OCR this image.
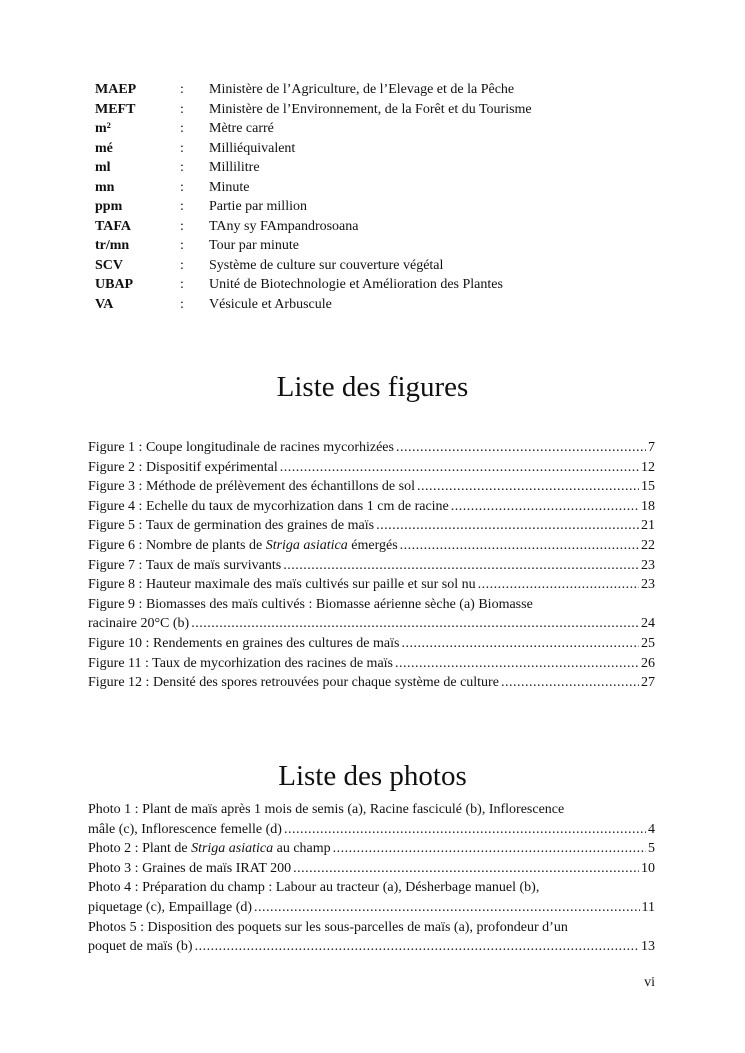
MAEP	:	Ministère de l’Agriculture, de l’Elevage et de la Pêche
MEFT	:	Ministère de l’Environnement, de la Forêt et du Tourisme
m²	:	Mètre carré
mé	:	Milliéquivalent
ml	:	Millilitre
mn	:	Minute
ppm	:	Partie par million
TAFA	:	TAny sy FAmpandrosoana
tr/mn	:	Tour par minute
SCV	:	Système de culture sur couverture végétal
UBAP	:	Unité de Biotechnologie et Amélioration des Plantes
VA	:	Vésicule et Arbuscule
Liste des figures
Figure 1 : Coupe longitudinale de racines mycorhizées .....	7
Figure 2 : Dispositif expérimental .....	12
Figure 3 : Méthode de prélèvement des échantillons de sol .....	15
Figure 4 : Echelle du taux de mycorhization dans 1 cm de racine .....	18
Figure 5 : Taux de germination des graines de maïs .....	21
Figure 6 : Nombre de plants de Striga asiatica émergés .....	22
Figure 7 : Taux de maïs survivants .....	23
Figure 8 : Hauteur maximale des maïs cultivés sur paille et sur sol nu .....	23
Figure 9 : Biomasses des maïs cultivés : Biomasse aérienne sèche (a) Biomasse
racinaire 20°C (b) .....	24
Figure 10 : Rendements en graines des cultures de maïs .....	25
Figure 11 : Taux de mycorhization des racines de maïs .....	26
Figure 12 : Densité des spores retrouvées pour chaque système de culture .....	27
Liste des photos
Photo 1 : Plant de maïs après 1 mois de semis (a), Racine fasciculé (b), Inflorescence
mâle (c), Inflorescence femelle (d) .....	4
Photo 2 : Plant de Striga asiatica au champ .....	5
Photo 3 : Graines de maïs IRAT 200 .....	10
Photo 4 : Préparation du champ : Labour au tracteur (a), Désherbage manuel (b),
piquetage (c), Empaillage (d) .....	11
Photos 5 : Disposition des poquets sur les sous-parcelles de maïs (a), profondeur d’un
poquet de maïs (b) .....	13
vi
